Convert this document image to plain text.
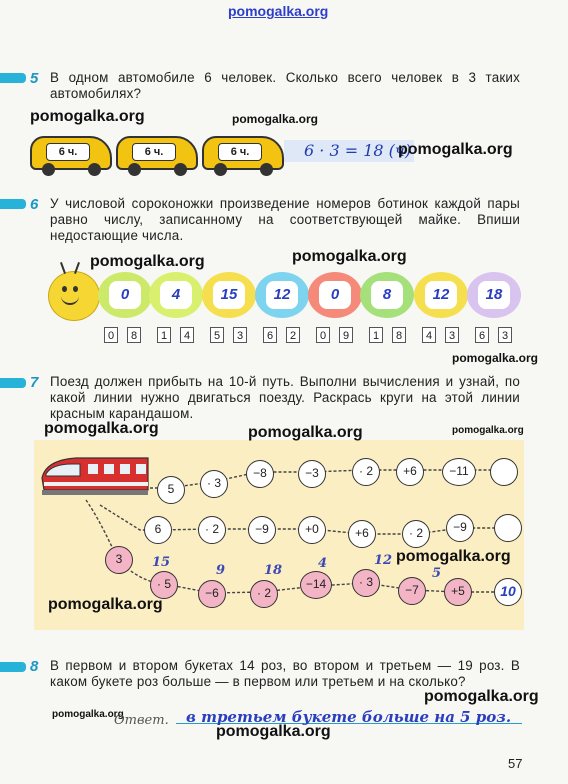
pomogalka.org
5 В одном автомобиле 6 человек. Сколько всего человек в 3 таких автомобилях?
pomogalka.org	pomogalka.org
6 ч.	6 ч.	6 ч.	6 · 3 = 18 (ч)
pomogalka.org
6 У числовой сороконожки произведение номеров ботинок каждой пары равно числу, записанному на соответствующей майке. Впиши недостающие числа.
pomogalka.org	pomogalka.org
0	4	15	12	0	8	12	18
0	8	1	4	5	3	6	2	0	9	1	8	4	3	6	3
pomogalka.org
7 Поезд должен прибыть на 10-й путь. Выполни вычисления и узнай, по какой линии нужно двигаться поезду. Раскрась круги на этой линии красным карандашом.
5	· 3
−8	−3	· 2	+6	−11
6	· 2	−9	+0	+6	· 2	−9
3
· 5
−6	· 2
−14	· 3
−7	+5	10
15
9	18	4	12
5
pomogalka.org	pomogalka.org	pomogalka.org
pomogalka.org
pomogalka.org
8 В первом и втором букетах 14 роз, во втором и третьем — 19 роз. В каком букете роз больше — в первом или третьем и на сколько?
pomogalka.org
pomogalka.org
Ответ. в третьем букете больше на 5 роз.
pomogalka.org
57
